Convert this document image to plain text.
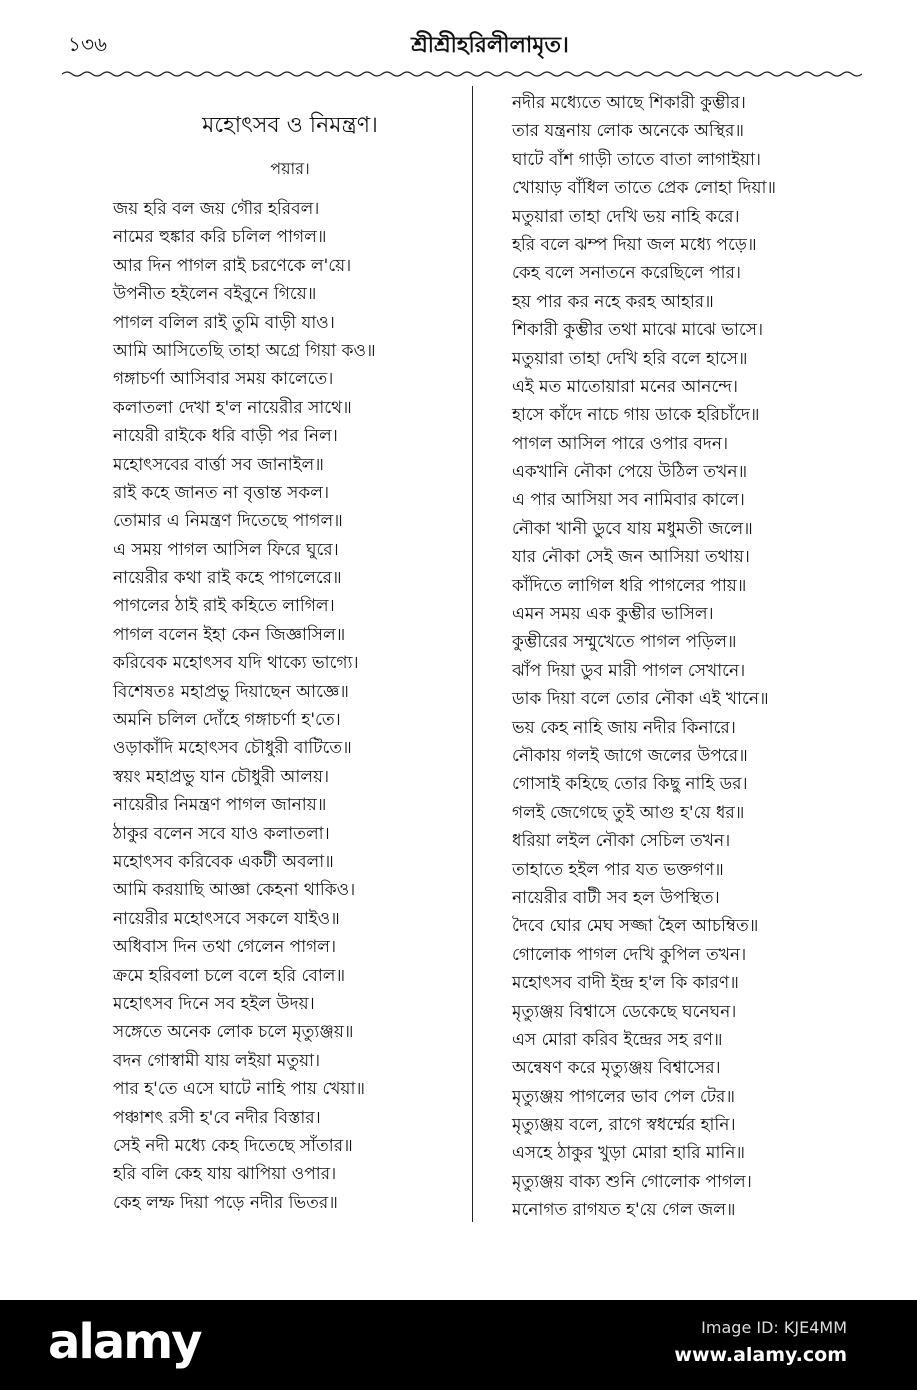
১৩৬	শ্রীশ্রীহরিলীলামৃত।
মহোৎসব ও নিমন্ত্রণ।
পয়ার।
জয় হরি বল জয় গৌর হরিবল।
নামের হুঙ্কার করি চলিল পাগল॥
আর দিন পাগল রাই চরণেকে ল'য়ে।
উপনীত হইলেন বইবুনে গিয়ে॥
পাগল বলিল রাই তুমি বাড়ী যাও।
আমি আসিতেছি তাহা অগ্রে গিয়া কও॥
গঙ্গাচর্ণা আসিবার সময় কালেতে।
কলাতলা দেখা হ'ল নায়েরীর সাথে॥
নায়েরী রাইকে ধরি বাড়ী পর নিল।
মহোৎসবের বার্ত্তা সব জানাইল॥
রাই কহে জানত না বৃত্তান্ত সকল।
তোমার এ নিমন্ত্রণ দিতেছে পাগল॥
এ সময় পাগল আসিল ফিরে ঘুরে।
নায়েরীর কথা রাই কহে পাগলেরে॥
পাগলের ঠাই রাই কহিতে লাগিল।
পাগল বলেন ইহা কেন জিজ্ঞাসিল॥
করিবেক মহোৎসব যদি থাক্যে ভাগ্যে।
বিশেষতঃ মহাপ্রভু দিয়াছেন আজ্ঞে॥
অমনি চলিল দোঁহে গঙ্গাচর্ণা হ'তে।
ওড়াকাঁদি মহোৎসব চৌধুরী বাটিতে॥
স্বয়ং মহাপ্রভু যান চৌধুরী আলয়।
নায়েরীর নিমন্ত্রণ পাগল জানায়॥
ঠাকুর বলেন সবে যাও কলাতলা।
মহোৎসব করিবেক একটী অবলা॥
আমি করয়াছি আজ্ঞা কেহনা থাকিও।
নায়েরীর মহোৎসবে সকলে যাইও॥
অধিবাস দিন তথা গেলেন পাগল।
ক্রমে হরিবলা চলে বলে হরি বোল॥
মহোৎসব দিনে সব হইল উদয়।
সঙ্গেতে অনেক লোক চলে মৃত্যুঞ্জয়॥
বদন গোস্বামী যায় লইয়া মতুয়া।
পার হ'তে এসে ঘাটে নাহি পায় খেয়া॥
পঞ্চাশৎ রসী হ'বে নদীর বিস্তার।
সেই নদী মধ্যে কেহ দিতেছে সাঁতার॥
হরি বলি কেহ যায় ঝাপিয়া ওপার।
কেহ লম্ফ দিয়া পড়ে নদীর ভিতর॥
নদীর মধ্যেতে আছে শিকারী কুম্ভীর।
তার যন্ত্রনায় লোক অনেকে অস্থির॥
ঘাটে বাঁশ গাড়ী তাতে বাতা লাগাইয়া।
খোয়াড় বাঁধিল তাতে প্রেক লোহা দিয়া॥
মতুয়ারা তাহা দেখি ভয় নাহি করে।
হরি বলে ঝম্প দিয়া জল মধ্যে পড়ে॥
কেহ বলে সনাতনে করেছিলে পার।
হয় পার কর নহে করহ আহার॥
শিকারী কুম্ভীর তথা মাঝে মাঝে ভাসে।
মতুয়ারা তাহা দেখি হরি বলে হাসে॥
এই মত মাতোয়ারা মনের আনন্দে।
হাসে কাঁদে নাচে গায় ডাকে হরিচাঁদে॥
পাগল আসিল পারে ওপার বদন।
একখানি নৌকা পেয়ে উঠিল তখন॥
এ পার আসিয়া সব নামিবার কালে।
নৌকা খানী ডুবে যায় মধুমতী জলে॥
যার নৌকা সেই জন আসিয়া তথায়।
কাঁদিতে লাগিল ধরি পাগলের পায়॥
এমন সময় এক কুম্ভীর ভাসিল।
কুম্ভীরের সম্মুখেতে পাগল পড়িল॥
ঝাঁপ দিয়া ডুব মারী পাগল সেখানে।
ডাক দিয়া বলে তোর নৌকা এই খানে॥
ভয় কেহ নাহি জায় নদীর কিনারে।
নৌকায় গলই জাগে জলের উপরে॥
গোসাই কহিছে তোর কিছু নাহি ডর।
গলই জেগেছে তুই আগু হ'য়ে ধর॥
ধরিয়া লইল নৌকা সেচিল তখন।
তাহাতে হইল পার যত ভক্তগণ॥
নায়েরীর বাটী সব হল উপস্থিত।
দৈবে ঘোর মেঘ সজ্জা হৈল আচম্বিত॥
গোলোক পাগল দেখি কুপিল তখন।
মহোৎসব বাদী ইন্দ্র হ'ল কি কারণ॥
মৃত্যুঞ্জয় বিশ্বাসে ডেকেছে ঘনেঘন।
এস মোরা করিব ইন্দ্রের সহ রণ॥
অন্বেষণ করে মৃত্যুঞ্জয় বিশ্বাসের।
মৃত্যুঞ্জয় পাগলের ভাব পেল টের॥
মৃত্যুঞ্জয় বলে, রাগে স্বধর্ম্মের হানি।
এসহে ঠাকুর খুড়া মোরা হারি মানি॥
মৃত্যুঞ্জয় বাক্য শুনি গোলোক পাগল।
মনোগত রাগযত হ'য়ে গেল জল॥
alamy	Image ID: KJE4MM
www.alamy.com
